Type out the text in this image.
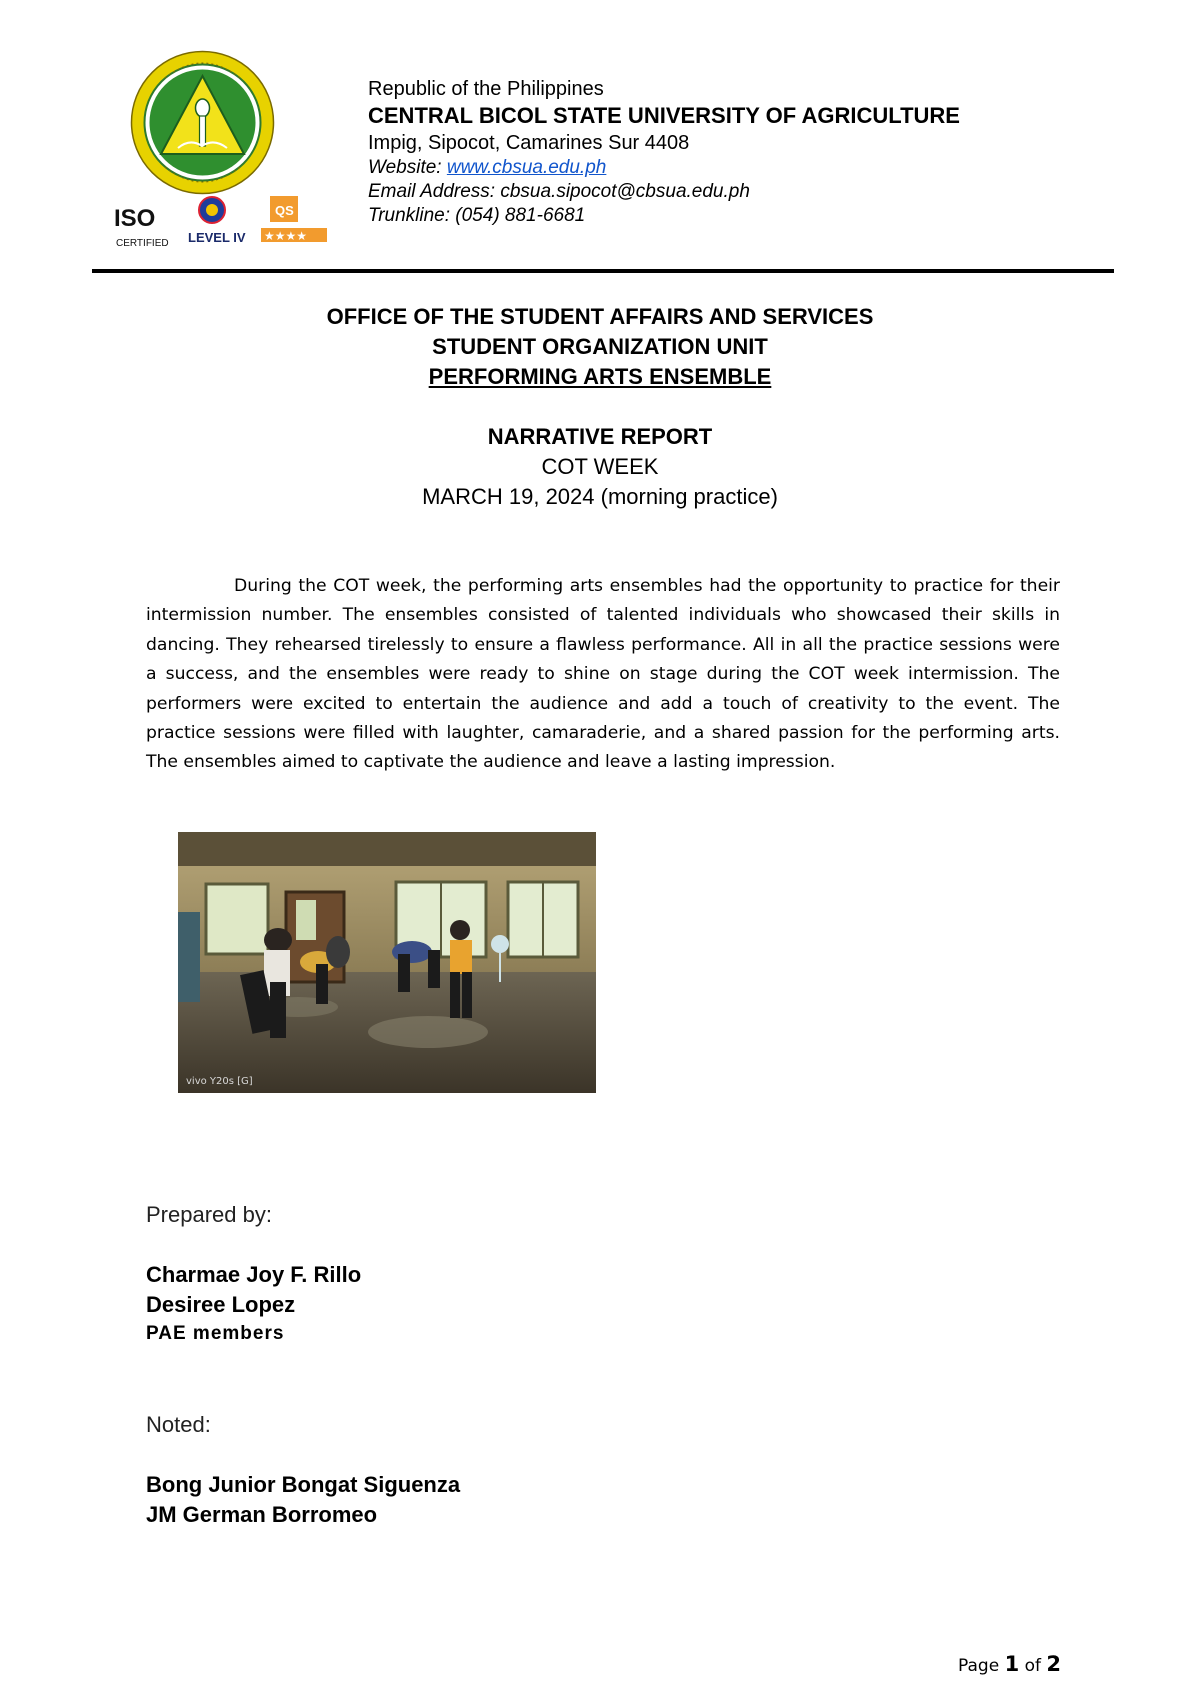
ISO
CERTIFIED LEVEL IV
QS
★★★★
Republic of the Philippines
CENTRAL BICOL STATE UNIVERSITY OF AGRICULTURE
Impig, Sipocot, Camarines Sur 4408
Website: www.cbsua.edu.ph
Email Address: cbsua.sipocot@cbsua.edu.ph
Trunkline: (054) 881-6681
OFFICE OF THE STUDENT AFFAIRS AND SERVICES
STUDENT ORGANIZATION UNIT
PERFORMING ARTS ENSEMBLE
NARRATIVE REPORT
COT WEEK
MARCH 19, 2024 (morning practice)
During the COT week, the performing arts ensembles had the opportunity to practice for their intermission number. The ensembles consisted of talented individuals who showcased their skills in dancing. They rehearsed tirelessly to ensure a flawless performance. All in all the practice sessions were a success, and the ensembles were ready to shine on stage during the COT week intermission. The performers were excited to entertain the audience and add a touch of creativity to the event. The practice sessions were filled with laughter, camaraderie, and a shared passion for the performing arts. The ensembles aimed to captivate the audience and leave a lasting impression.
vivo Y20s [G]
Prepared by:
Charmae Joy F. Rillo
Desiree Lopez
PAE members
Noted:
Bong Junior Bongat Siguenza
JM German Borromeo
Page 1 of 2
